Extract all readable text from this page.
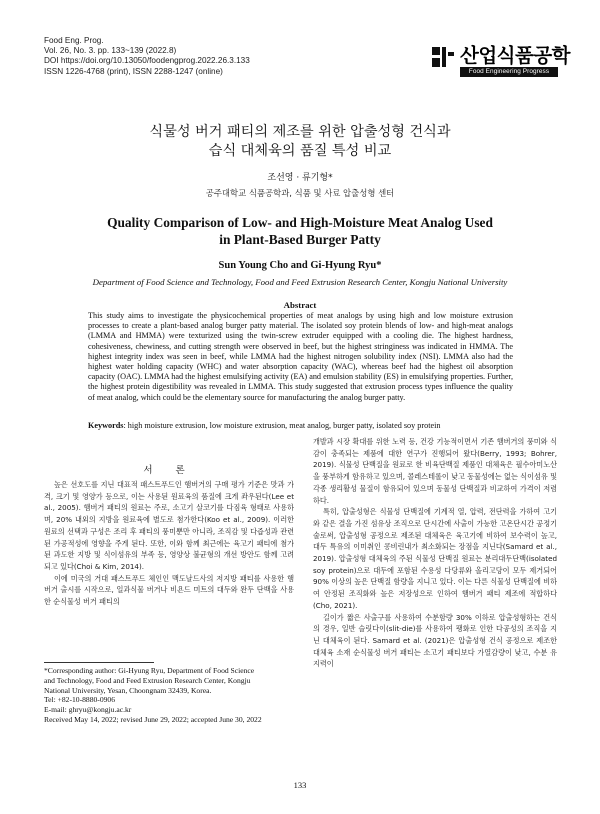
Food Eng. Prog.
Vol. 26, No. 3. pp. 133~139 (2022.8)
DOI https://doi.org/10.13050/foodengprog.2022.26.3.133
ISSN 1226-4768 (print), ISSN 2288-1247 (online)
산업식품공학
Food Engineering Progress
식물성 버거 패티의 제조를 위한 압출성형 건식과
습식 대체육의 품질 특성 비교
조선영 · 류기형*
공주대학교 식품공학과, 식품 및 사료 압출성형 센터
Quality Comparison of Low- and High-Moisture Meat Analog Used
in Plant-Based Burger Patty
Sun Young Cho and Gi-Hyung Ryu*
Department of Food Science and Technology, Food and Feed Extrusion Research Center, Kongju National University
Abstract
This study aims to investigate the physicochemical properties of meat analogs by using high and low moisture extrusion processes to create a plant-based analog burger patty material. The isolated soy protein blends of low- and high-meat analogs (LMMA and HMMA) were texturized using the twin-screw extruder equipped with a cooling die. The highest hardness, cohesiveness, chewiness, and cutting strength were observed in beef, but the highest stringiness was indicated in HMMA. The highest integrity index was seen in beef, while LMMA had the highest nitrogen solubility index (NSI). LMMA also had the highest water holding capacity (WHC) and water absorption capacity (WAC), whereas beef had the highest oil absorption capacity (OAC). LMMA had the highest emulsifying activity (EA) and emulsion stability (ES) in emulsifying properties. Further, the highest protein digestibility was revealed in LMMA. This study suggested that extrusion process types influence the quality of meat analog, which could be the elementary source for manufacturing the analog burger patty.
Keywords: high moisture extrusion, low moisture extrusion, meat analog, burger patty, isolated soy protein
서 론

높은 선호도를 지닌 대표적 패스트푸드인 햄버거의 구매 평가 기준은 맛과 가격, 크기 및 영양가 등으로, 이는 사용된 원료육의 품질에 크게 좌우된다(Lee et al., 2005). 햄버거 패티의 원료는 주로, 소고기 살코기를 다짐육 형태로 사용하며, 20% 내외의 지방을 원료육에 별도로 첨가한다(Koo et al., 2009). 이러한 원료의 선택과 구성은 조리 후 패티의 풍미뿐만 아니라, 조직감 및 다즙성과 관련된 가공적성에 영향을 주게 된다. 또한, 이와 함께 최근에는 육고기 패티에 첨가된 과도한 지방 및 식이섬유의 부족 등, 영양상 불균형의 개선 방안도 함께 고려되고 있다(Choi & Kim, 2014).

이에 미국의 거대 패스트푸드 체인인 맥도날드사의 저지방 패티를 사용한 햄버거 출시를 시작으로, 일과식물 버거나 비욘드 미트의 대두와 완두 단백을 사용한 순식물성 버거 패티의

개발과 시장 확대를 위한 노력 등, 건강 기능적이면서 기존 햄버거의 풍미와 식감이 충족되는 제품에 대한 연구가 진행되어 왔다(Berry, 1993; Bohrer, 2019). 식물성 단백질을 원료로 한 비육단백질 제품인 대체육은 필수아미노산을 풍부하게 함유하고 있으며, 콜레스테롤이 낮고 동물성에는 없는 식이섬유 및 각종 생리활성 물질이 함유되어 있으며 동물성 단백질과 비교하여 가격이 저렴하다.

특히, 압출성형은 식물성 단백질에 기계적 열, 압력, 전단력을 가하여 고기와 같은 결을 가진 섬유상 조직으로 단시간에 사출이 가능한 고온단시간 공정기술로써, 압출성형 공정으로 제조된 대체육은 육고기에 비하여 보수력이 높고, 대두 특유의 이미취인 콩비린내가 최소화되는 장점을 지닌다(Samard et al., 2019). 압출성형 대체육의 주된 식물성 단백질 원료는 분리대두단백(isolated soy protein)으로 대두에 포함된 수용성 다당류와 올리고당이 모두 제거되어 90% 이상의 높은 단백질 함량을 지니고 있다. 이는 다른 식물성 단백질에 비하여 안정된 조직화와 높은 저장성으로 인하여 햄버거 패티 제조에 적합하다(Cho, 2021).

길이가 짧은 사출구를 사용하여 수분함량 30% 이하로 압출성형하는 건식의 경우, 일반 슬릿다이(slit-die)를 사용하여 팽화로 인한 다공성의 조직을 지닌 대체육이 된다. Samard et al. (2021)은 압출성형 건식 공정으로 제조한 대체육 소재 순식물성 버거 패티는 소고기 패티보다 가열감량이 낮고, 수분 유지력이

*Corresponding author: Gi-Hyung Ryu, Department of Food Science
and Technology, Food and Feed Extrusion Research Center, Kongju
National University, Yesan, Choongnam 32439, Korea.
Tel: +82-10-8880-0906
E-mail: ghryu@kongju.ac.kr
Received May 14, 2022; revised June 29, 2022; accepted June 30, 2022
133
